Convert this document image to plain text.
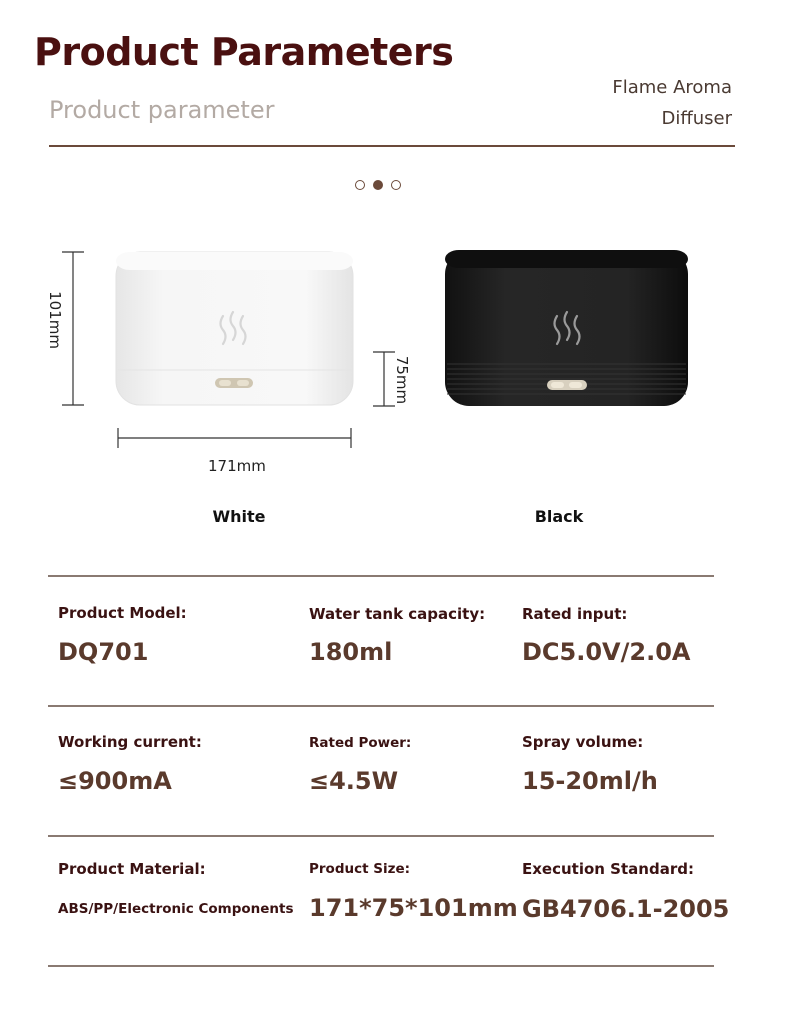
Product Parameters
Product parameter
Flame Aroma
Diffuser
101mm
75mm
171mm
White	Black
Product Model:
DQ701
Water tank capacity:
180ml
Rated input:
DC5.0V/2.0A
Working current:
≤900mA
Rated Power:
≤4.5W
Spray volume:
15-20ml/h
Product Material:
ABS/PP/Electronic Components
Product Size:
171*75*101mm
Execution Standard:
GB4706.1-2005
